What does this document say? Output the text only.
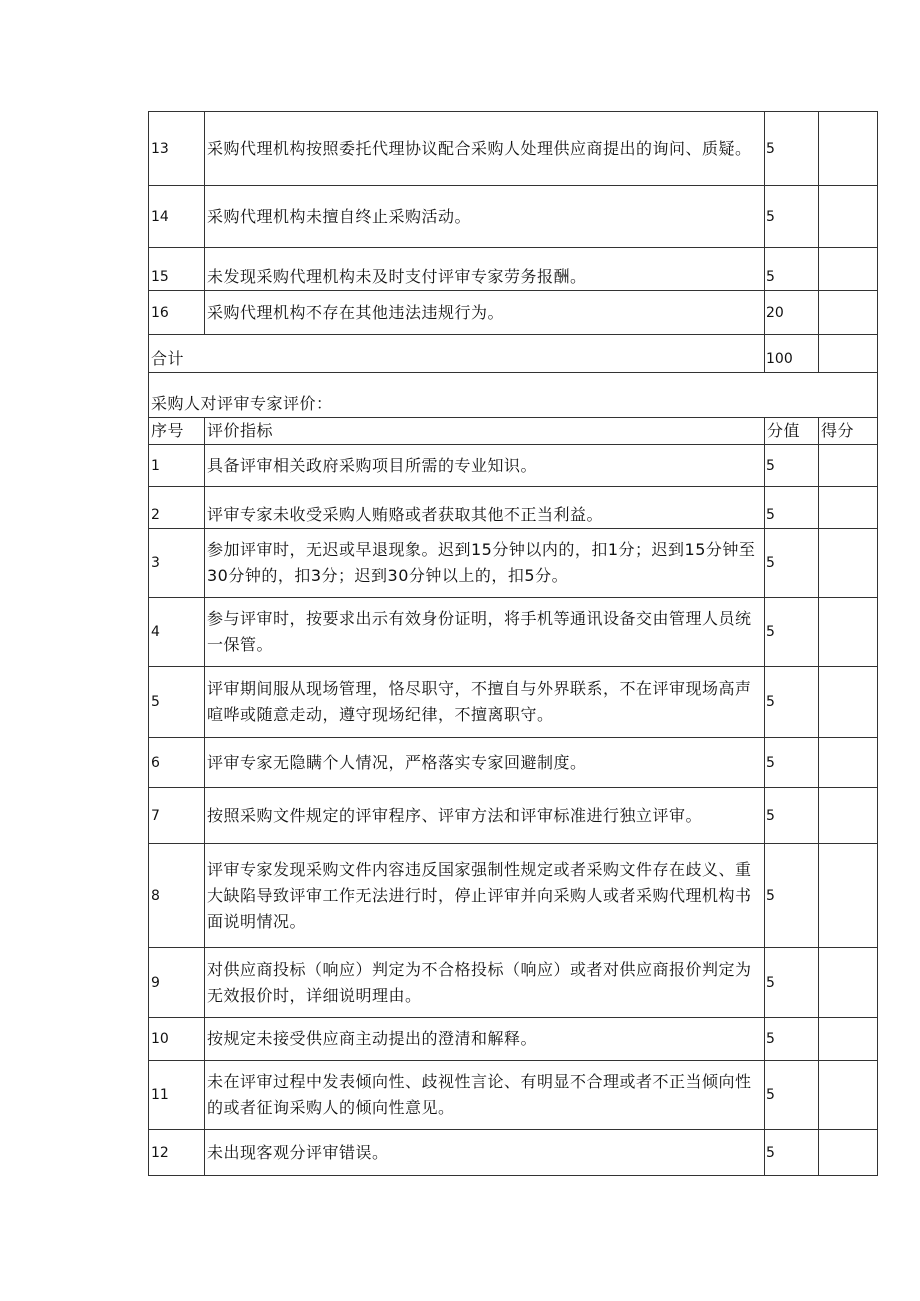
13	采购代理机构按照委托代理协议配合采购人处理供应商提出的询问、质疑。	5	
14	采购代理机构未擅自终止采购活动。	5	
15	未发现采购代理机构未及时支付评审专家劳务报酬。	5	
16	采购代理机构不存在其他违法违规行为。	20	
合计		100	
采购人对评审专家评价：			
序号	评价指标	分值	得分
1	具备评审相关政府采购项目所需的专业知识。	5	
2	评审专家未收受采购人贿赂或者获取其他不正当利益。	5	
3	参加评审时，无迟或早退现象。迟到15分钟以内的，扣1分；迟到15分钟至30分钟的，扣3分；迟到30分钟以上的，扣5分。	5	
4	参与评审时，按要求出示有效身份证明，将手机等通讯设备交由管理人员统一保管。	5	
5	评审期间服从现场管理，恪尽职守，不擅自与外界联系，不在评审现场高声喧哗或随意走动，遵守现场纪律，不擅离职守。	5	
6	评审专家无隐瞒个人情况，严格落实专家回避制度。	5	
7	按照采购文件规定的评审程序、评审方法和评审标准进行独立评审。	5	
8	评审专家发现采购文件内容违反国家强制性规定或者采购文件存在歧义、重大缺陷导致评审工作无法进行时，停止评审并向采购人或者采购代理机构书面说明情况。	5	
9	对供应商投标（响应）判定为不合格投标（响应）或者对供应商报价判定为无效报价时，详细说明理由。	5	
10	按规定未接受供应商主动提出的澄清和解释。	5	
11	未在评审过程中发表倾向性、歧视性言论、有明显不合理或者不正当倾向性的或者征询采购人的倾向性意见。	5	
12	未出现客观分评审错误。	5	
